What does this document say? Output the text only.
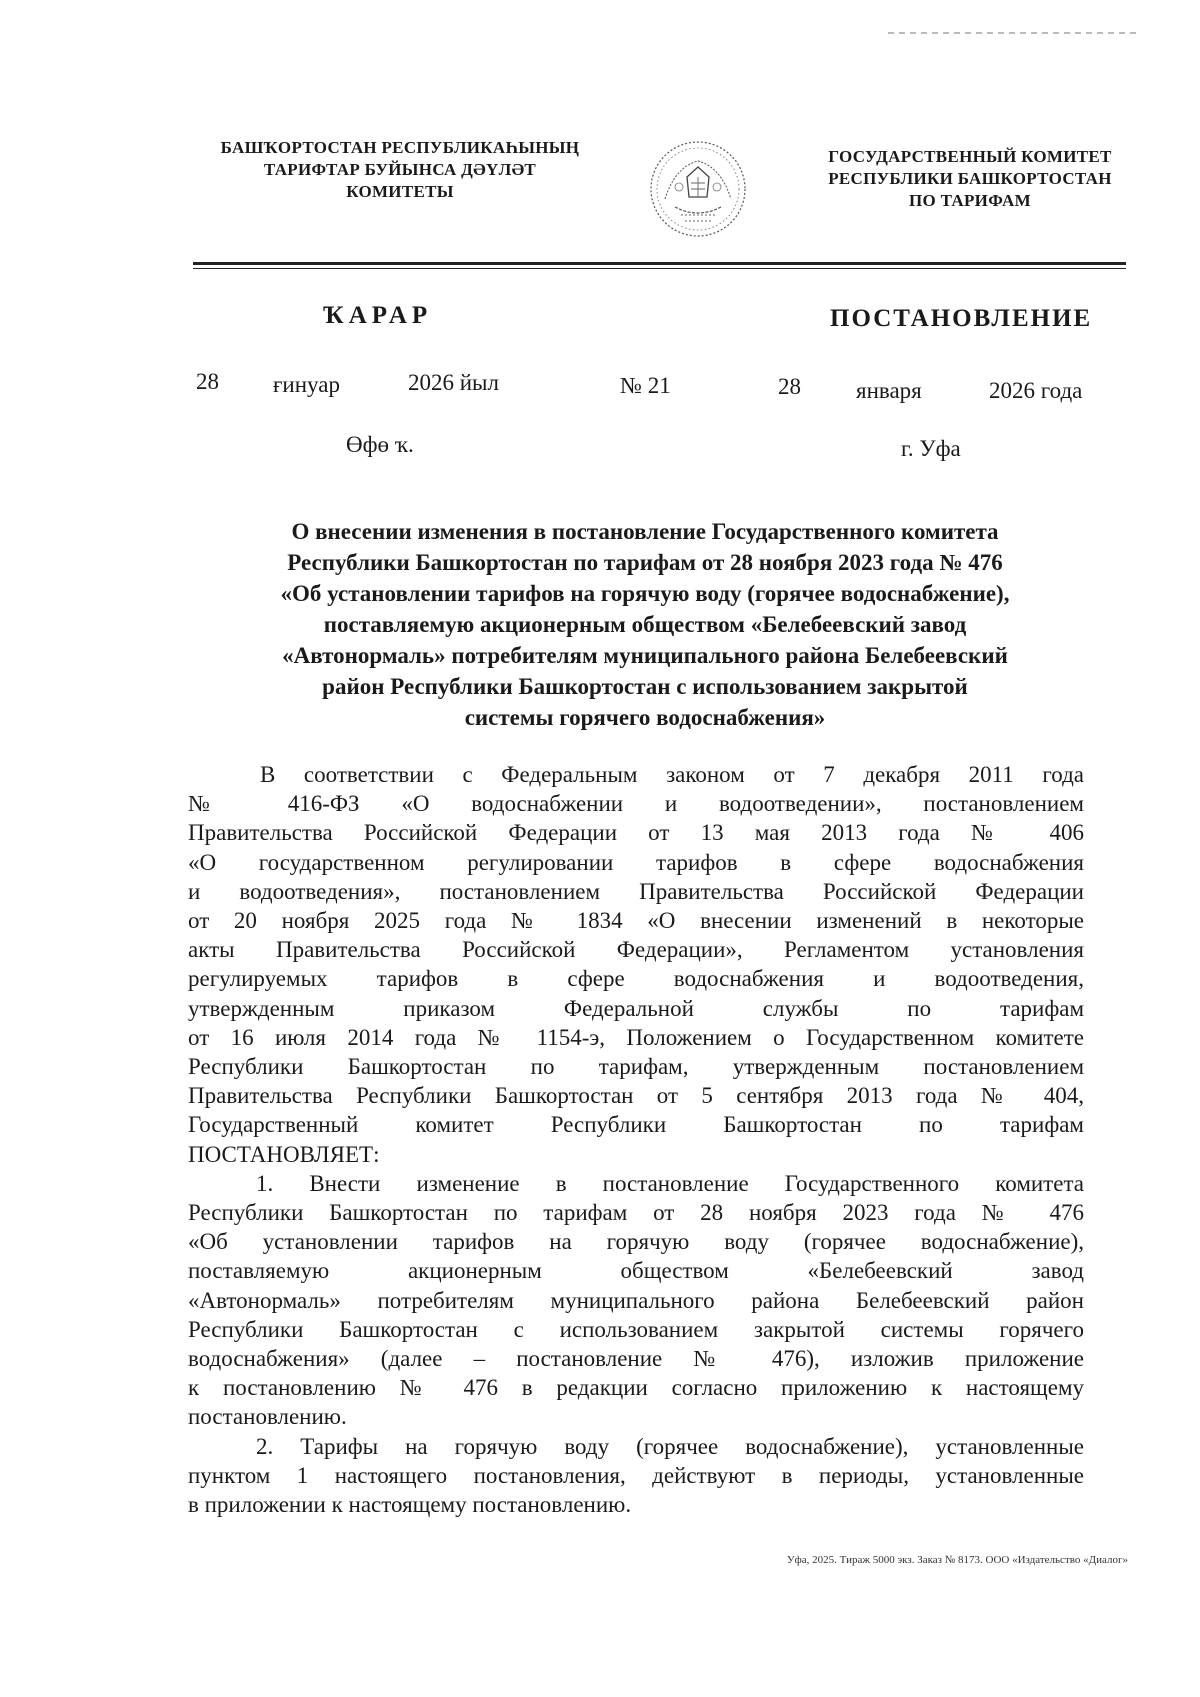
БАШҠОРТОСТАН РЕСПУБЛИКАҺЫНЫҢ
ТАРИФТАР БУЙЫНСА ДӘҮЛӘТ
КОМИТЕТЫ
ГОСУДАРСТВЕННЫЙ КОМИТЕТ
РЕСПУБЛИКИ БАШКОРТОСТАН
ПО ТАРИФАМ
ҠАРАР	ПОСТАНОВЛЕНИЕ
28 ғинуар	2026 йыл	№ 21	28 января	2026 года
Өфө ҡ.	г. Уфа
О внесении изменения в постановление Государственного комитета
Республики Башкортостан по тарифам от 28 ноября 2023 года № 476
«Об установлении тарифов на горячую воду (горячее водоснабжение),
поставляемую акционерным обществом «Белебеевский завод
«Автонормаль» потребителям муниципального района Белебеевский
район Республики Башкортостан с использованием закрытой
системы горячего водоснабжения»
В соответствии с Федеральным законом от 7 декабря 2011 года
№ 416-ФЗ «О водоснабжении и водоотведении», постановлением
Правительства Российской Федерации от 13 мая 2013 года № 406
«О государственном регулировании тарифов в сфере водоснабжения
и водоотведения», постановлением Правительства Российской Федерации
от 20 ноября 2025 года № 1834 «О внесении изменений в некоторые
акты Правительства Российской Федерации», Регламентом установления
регулируемых тарифов в сфере водоснабжения и водоотведения,
утвержденным приказом Федеральной службы по тарифам
от 16 июля 2014 года № 1154-э, Положением о Государственном комитете
Республики Башкортостан по тарифам, утвержденным постановлением
Правительства Республики Башкортостан от 5 сентября 2013 года № 404,
Государственный комитет Республики Башкортостан по тарифам
ПОСТАНОВЛЯЕТ:
1. Внести изменение в постановление Государственного комитета
Республики Башкортостан по тарифам от 28 ноября 2023 года № 476
«Об установлении тарифов на горячую воду (горячее водоснабжение),
поставляемую акционерным обществом «Белебеевский завод
«Автонормаль» потребителям муниципального района Белебеевский район
Республики Башкортостан с использованием закрытой системы горячего
водоснабжения» (далее – постановление № 476), изложив приложение
к постановлению № 476 в редакции согласно приложению к настоящему
постановлению.
2. Тарифы на горячую воду (горячее водоснабжение), установленные
пунктом 1 настоящего постановления, действуют в периоды, установленные
в приложении к настоящему постановлению.
Уфа, 2025. Тираж 5000 экз. Заказ № 8173. ООО «Издательство «Диалог»
